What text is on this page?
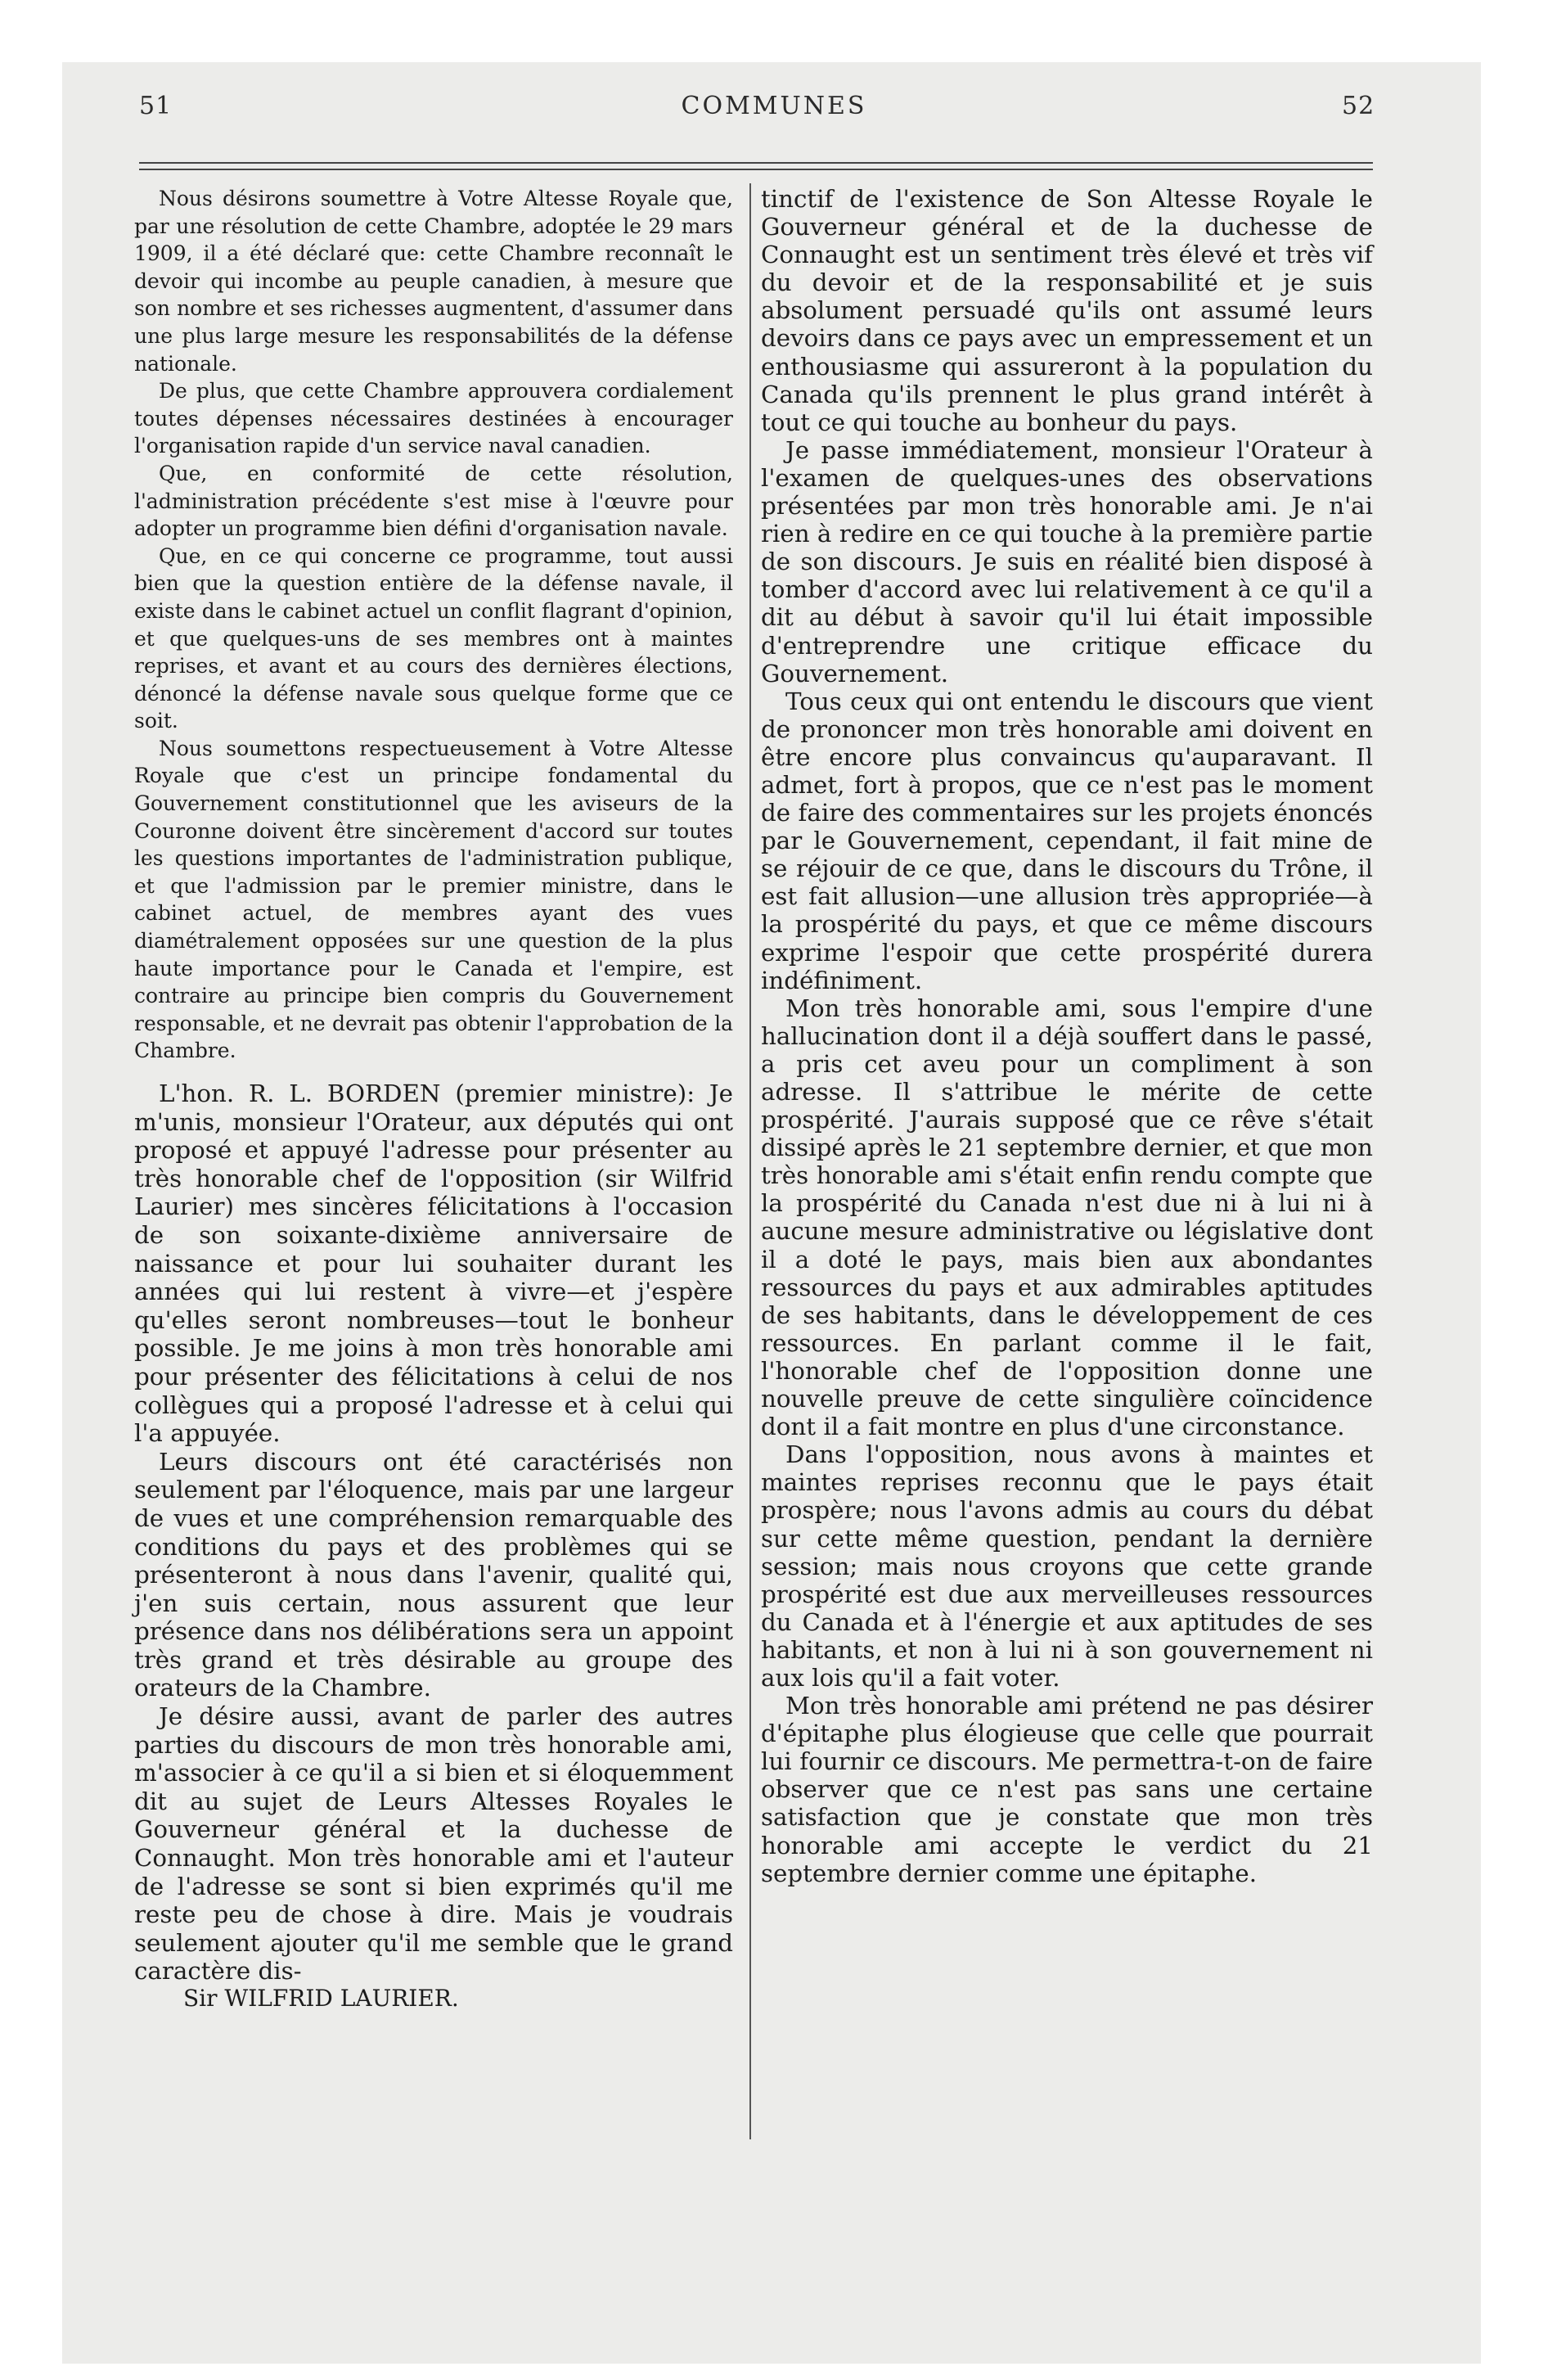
51	COMMUNES	52

Nous désirons soumettre à Votre Altesse Royale que, par une résolution de cette Chambre, adoptée le 29 mars 1909, il a été déclaré que: cette Chambre reconnaît le devoir qui incombe au peuple canadien, à mesure que son nombre et ses richesses augmentent, d'assumer dans une plus large mesure les responsabilités de la défense nationale.

De plus, que cette Chambre approuvera cordialement toutes dépenses nécessaires destinées à encourager l'organisation rapide d'un service naval canadien.

Que, en conformité de cette résolution, l'administration précédente s'est mise à l'œuvre pour adopter un programme bien défini d'organisation navale.

Que, en ce qui concerne ce programme, tout aussi bien que la question entière de la défense navale, il existe dans le cabinet actuel un conflit flagrant d'opinion, et que quelques-uns de ses membres ont à maintes reprises, et avant et au cours des dernières élections, dénoncé la défense navale sous quelque forme que ce soit.

Nous soumettons respectueusement à Votre Altesse Royale que c'est un principe fondamental du Gouvernement constitutionnel que les aviseurs de la Couronne doivent être sincèrement d'accord sur toutes les questions importantes de l'administration publique, et que l'admission par le premier ministre, dans le cabinet actuel, de membres ayant des vues diamétralement opposées sur une question de la plus haute importance pour le Canada et l'empire, est contraire au principe bien compris du Gouvernement responsable, et ne devrait pas obtenir l'approbation de la Chambre.

L'hon. R. L. BORDEN (premier ministre): Je m'unis, monsieur l'Orateur, aux députés qui ont proposé et appuyé l'adresse pour présenter au très honorable chef de l'opposition (sir Wilfrid Laurier) mes sincères félicitations à l'occasion de son soixante-dixième anniversaire de naissance et pour lui souhaiter durant les années qui lui restent à vivre—et j'espère qu'elles seront nombreuses—tout le bonheur possible. Je me joins à mon très honorable ami pour présenter des félicitations à celui de nos collègues qui a proposé l'adresse et à celui qui l'a appuyée.

Leurs discours ont été caractérisés non seulement par l'éloquence, mais par une largeur de vues et une compréhension remarquable des conditions du pays et des problèmes qui se présenteront à nous dans l'avenir, qualité qui, j'en suis certain, nous assurent que leur présence dans nos délibérations sera un appoint très grand et très désirable au groupe des orateurs de la Chambre.

Je désire aussi, avant de parler des autres parties du discours de mon très honorable ami, m'associer à ce qu'il a si bien et si éloquemment dit au sujet de Leurs Altesses Royales le Gouverneur général et la duchesse de Connaught. Mon très honorable ami et l'auteur de l'adresse se sont si bien exprimés qu'il me reste peu de chose à dire. Mais je voudrais seulement ajouter qu'il me semble que le grand caractère dis-

Sir WILFRID LAURIER.

tinctif de l'existence de Son Altesse Royale le Gouverneur général et de la duchesse de Connaught est un sentiment très élevé et très vif du devoir et de la responsabilité et je suis absolument persuadé qu'ils ont assumé leurs devoirs dans ce pays avec un empressement et un enthousiasme qui assureront à la population du Canada qu'ils prennent le plus grand intérêt à tout ce qui touche au bonheur du pays.

Je passe immédiatement, monsieur l'Orateur à l'examen de quelques-unes des observations présentées par mon très honorable ami. Je n'ai rien à redire en ce qui touche à la première partie de son discours. Je suis en réalité bien disposé à tomber d'accord avec lui relativement à ce qu'il a dit au début à savoir qu'il lui était impossible d'entreprendre une critique efficace du Gouvernement.

Tous ceux qui ont entendu le discours que vient de prononcer mon très honorable ami doivent en être encore plus convaincus qu'auparavant. Il admet, fort à propos, que ce n'est pas le moment de faire des commentaires sur les projets énoncés par le Gouvernement, cependant, il fait mine de se réjouir de ce que, dans le discours du Trône, il est fait allusion—une allusion très appropriée—à la prospérité du pays, et que ce même discours exprime l'espoir que cette prospérité durera indéfiniment.

Mon très honorable ami, sous l'empire d'une hallucination dont il a déjà souffert dans le passé, a pris cet aveu pour un compliment à son adresse. Il s'attribue le mérite de cette prospérité. J'aurais supposé que ce rêve s'était dissipé après le 21 septembre dernier, et que mon très honorable ami s'était enfin rendu compte que la prospérité du Canada n'est due ni à lui ni à aucune mesure administrative ou législative dont il a doté le pays, mais bien aux abondantes ressources du pays et aux admirables aptitudes de ses habitants, dans le développement de ces ressources. En parlant comme il le fait, l'honorable chef de l'opposition donne une nouvelle preuve de cette singulière coïncidence dont il a fait montre en plus d'une circonstance.

Dans l'opposition, nous avons à maintes et maintes reprises reconnu que le pays était prospère; nous l'avons admis au cours du débat sur cette même question, pendant la dernière session; mais nous croyons que cette grande prospérité est due aux merveilleuses ressources du Canada et à l'énergie et aux aptitudes de ses habitants, et non à lui ni à son gouvernement ni aux lois qu'il a fait voter.

Mon très honorable ami prétend ne pas désirer d'épitaphe plus élogieuse que celle que pourrait lui fournir ce discours. Me permettra-t-on de faire observer que ce n'est pas sans une certaine satisfaction que je constate que mon très honorable ami accepte le verdict du 21 septembre dernier comme une épitaphe.
